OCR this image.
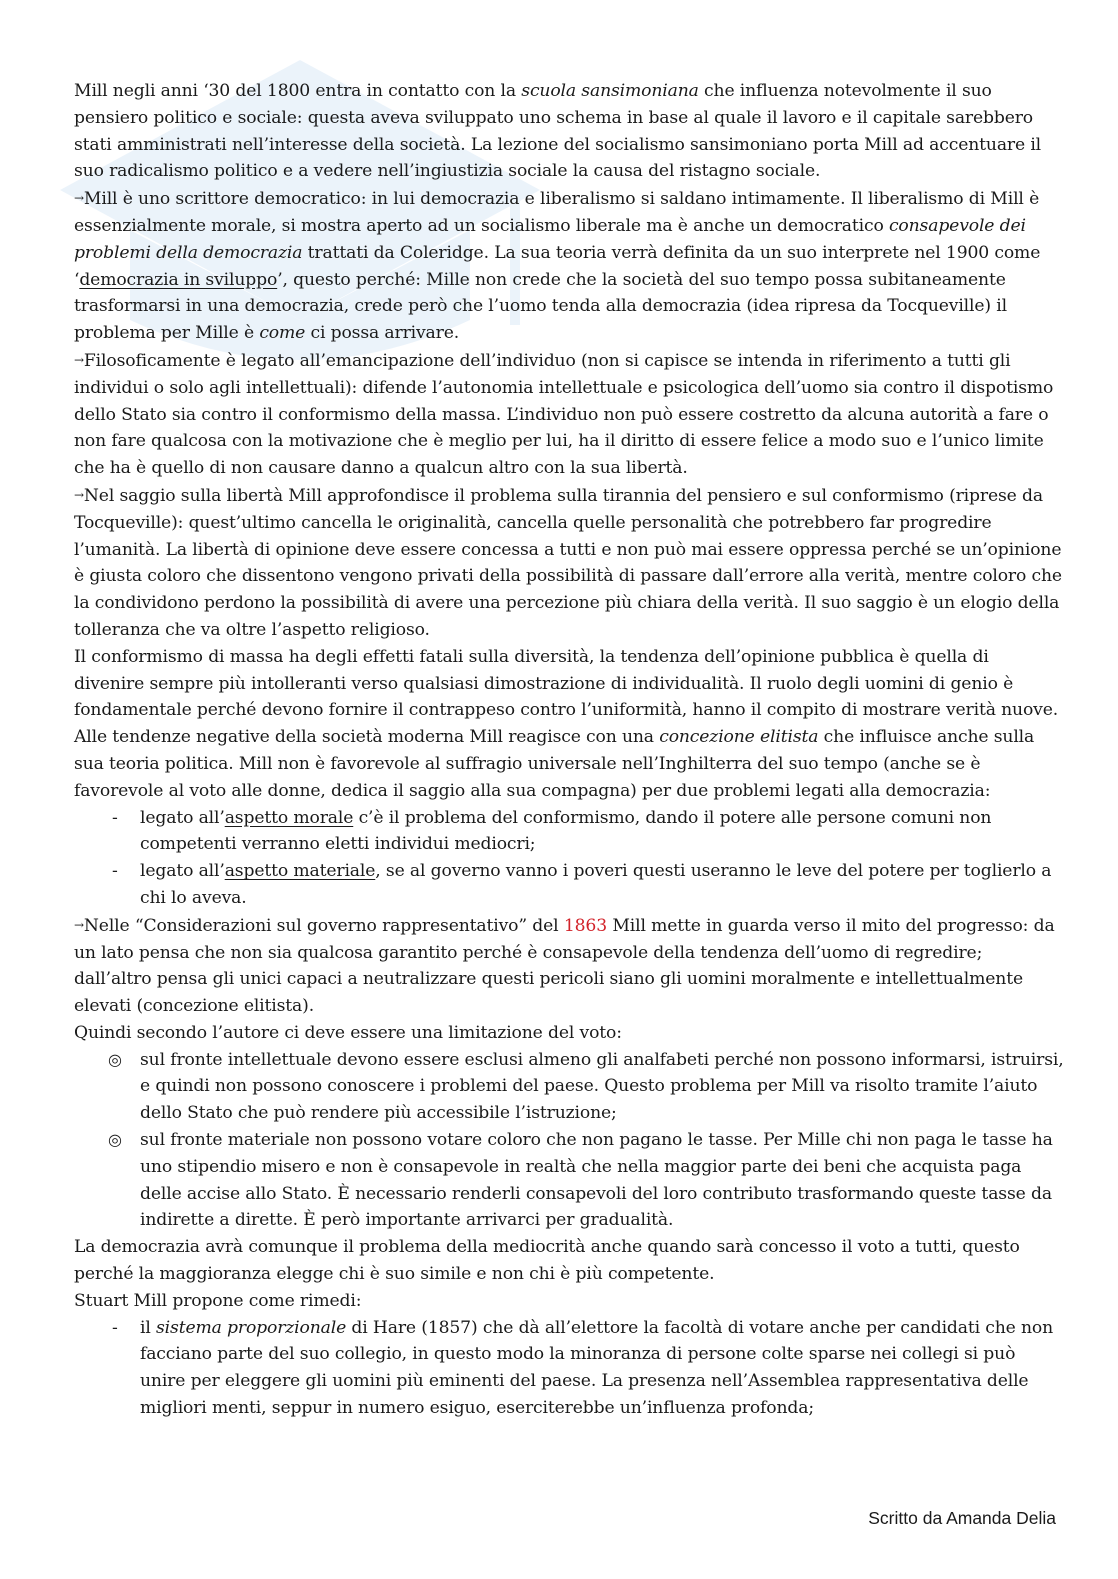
Mill negli anni ‘30 del 1800 entra in contatto con la scuola sansimoniana che influenza notevolmente il suo pensiero politico e sociale: questa aveva sviluppato uno schema in base al quale il lavoro e il capitale sarebbero stati amministrati nell’interesse della società. La lezione del socialismo sansimoniano porta Mill ad accentuare il suo radicalismo politico e a vedere nell’ingiustizia sociale la causa del ristagno sociale.

→Mill è uno scrittore democratico: in lui democrazia e liberalismo si saldano intimamente. Il liberalismo di Mill è essenzialmente morale, si mostra aperto ad un socialismo liberale ma è anche un democratico consapevole dei problemi della democrazia trattati da Coleridge. La sua teoria verrà definita da un suo interprete nel 1900 come ‘democrazia in sviluppo’, questo perché: Mille non crede che la società del suo tempo possa subitaneamente trasformarsi in una democrazia, crede però che l’uomo tenda alla democrazia (idea ripresa da Tocqueville) il problema per Mille è come ci possa arrivare.

→Filosoficamente è legato all’emancipazione dell’individuo (non si capisce se intenda in riferimento a tutti gli individui o solo agli intellettuali): difende l’autonomia intellettuale e psicologica dell’uomo sia contro il dispotismo dello Stato sia contro il conformismo della massa. L’individuo non può essere costretto da alcuna autorità a fare o non fare qualcosa con la motivazione che è meglio per lui, ha il diritto di essere felice a modo suo e l’unico limite che ha è quello di non causare danno a qualcun altro con la sua libertà.

→Nel saggio sulla libertà Mill approfondisce il problema sulla tirannia del pensiero e sul conformismo (riprese da Tocqueville): quest’ultimo cancella le originalità, cancella quelle personalità che potrebbero far progredire l’umanità. La libertà di opinione deve essere concessa a tutti e non può mai essere oppressa perché se un’opinione è giusta coloro che dissentono vengono privati della possibilità di passare dall’errore alla verità, mentre coloro che la condividono perdono la possibilità di avere una percezione più chiara della verità. Il suo saggio è un elogio della tolleranza che va oltre l’aspetto religioso.

Il conformismo di massa ha degli effetti fatali sulla diversità, la tendenza dell’opinione pubblica è quella di divenire sempre più intolleranti verso qualsiasi dimostrazione di individualità. Il ruolo degli uomini di genio è fondamentale perché devono fornire il contrappeso contro l’uniformità, hanno il compito di mostrare verità nuove.

Alle tendenze negative della società moderna Mill reagisce con una concezione elitista che influisce anche sulla sua teoria politica. Mill non è favorevole al suffragio universale nell’Inghilterra del suo tempo (anche se è favorevole al voto alle donne, dedica il saggio alla sua compagna) per due problemi legati alla democrazia:

-	legato all’aspetto morale c’è il problema del conformismo, dando il potere alle persone comuni non competenti verranno eletti individui mediocri;
-	legato all’aspetto materiale, se al governo vanno i poveri questi useranno le leve del potere per toglierlo a chi lo aveva.

→Nelle “Considerazioni sul governo rappresentativo” del 1863 Mill mette in guarda verso il mito del progresso: da un lato pensa che non sia qualcosa garantito perché è consapevole della tendenza dell’uomo di regredire; dall’altro pensa gli unici capaci a neutralizzare questi pericoli siano gli uomini moralmente e intellettualmente elevati (concezione elitista).

Quindi secondo l’autore ci deve essere una limitazione del voto:

◎	sul fronte intellettuale devono essere esclusi almeno gli analfabeti perché non possono informarsi, istruirsi, e quindi non possono conoscere i problemi del paese. Questo problema per Mill va risolto tramite l’aiuto dello Stato che può rendere più accessibile l’istruzione;
◎	sul fronte materiale non possono votare coloro che non pagano le tasse. Per Mille chi non paga le tasse ha uno stipendio misero e non è consapevole in realtà che nella maggior parte dei beni che acquista paga delle accise allo Stato. È necessario renderli consapevoli del loro contributo trasformando queste tasse da indirette a dirette. È però importante arrivarci per gradualità.

La democrazia avrà comunque il problema della mediocrità anche quando sarà concesso il voto a tutti, questo perché la maggioranza elegge chi è suo simile e non chi è più competente.

Stuart Mill propone come rimedi:

-	il sistema proporzionale di Hare (1857) che dà all’elettore la facoltà di votare anche per candidati che non facciano parte del suo collegio, in questo modo la minoranza di persone colte sparse nei collegi si può unire per eleggere gli uomini più eminenti del paese. La presenza nell’Assemblea rappresentativa delle migliori menti, seppur in numero esiguo, eserciterebbe un’influenza profonda;
Scritto da Amanda Delia
